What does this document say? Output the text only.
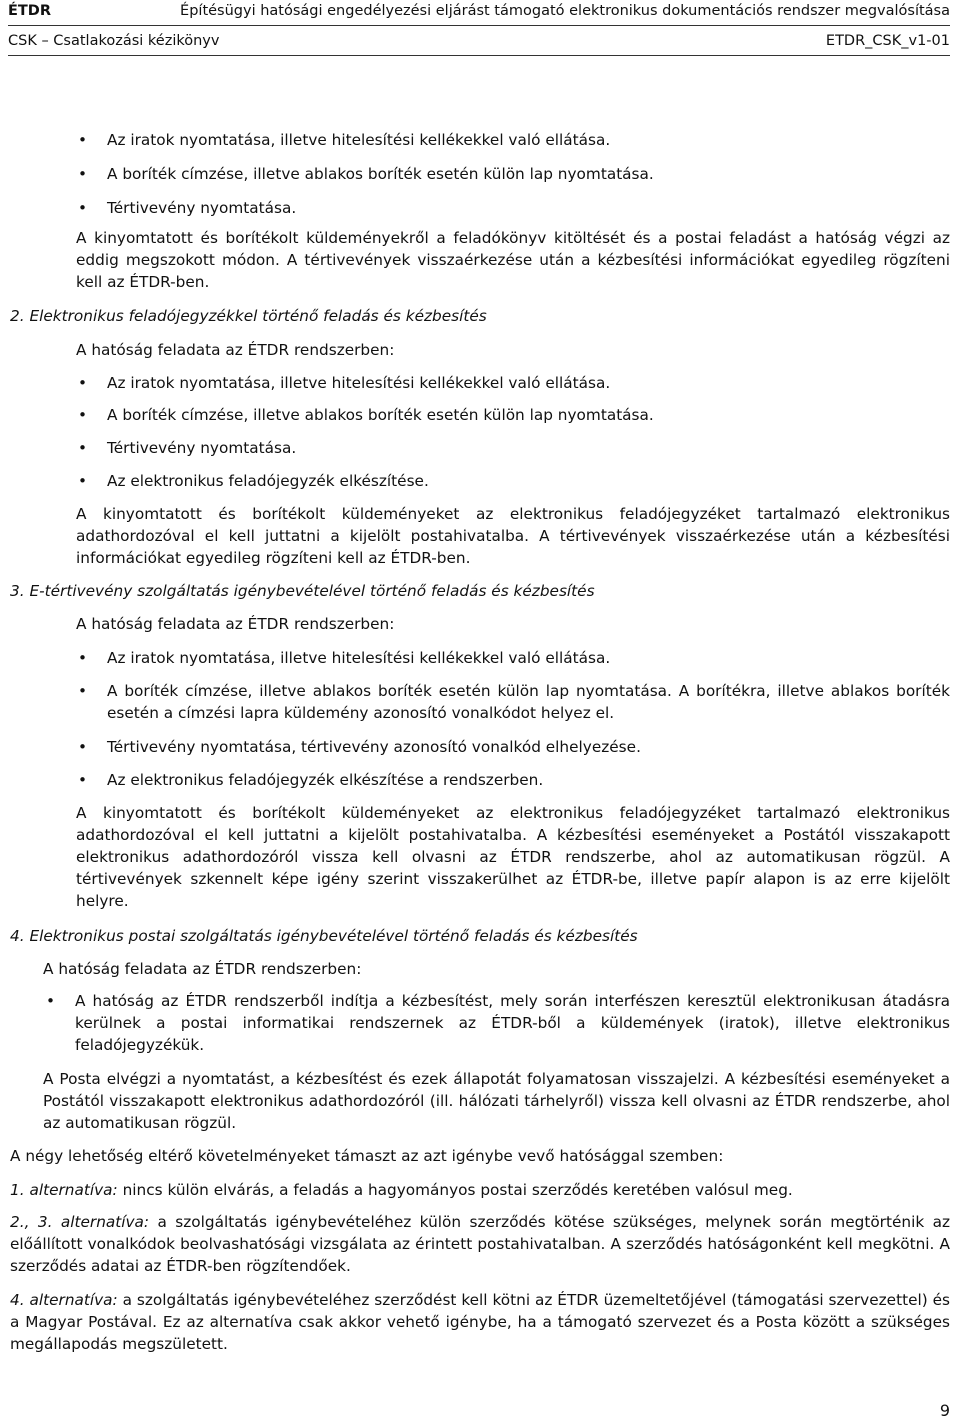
ÉTDR	Építésügyi hatósági engedélyezési eljárást támogató elektronikus dokumentációs rendszer megvalósítása
CSK – Csatlakozási kézikönyv	ETDR_CSK_v1-01
• Az iratok nyomtatása, illetve hitelesítési kellékekkel való ellátása.
• A boríték címzése, illetve ablakos boríték esetén külön lap nyomtatása.
• Tértivevény nyomtatása.
A kinyomtatott és borítékolt küldeményekről a feladókönyv kitöltését és a postai feladást a hatóság végzi az eddig megszokott módon. A tértivevények visszaérkezése után a kézbesítési információkat egyedileg rögzíteni kell az ÉTDR-ben.
2. Elektronikus feladójegyzékkel történő feladás és kézbesítés
A hatóság feladata az ÉTDR rendszerben:
• Az iratok nyomtatása, illetve hitelesítési kellékekkel való ellátása.
• A boríték címzése, illetve ablakos boríték esetén külön lap nyomtatása.
• Tértivevény nyomtatása.
• Az elektronikus feladójegyzék elkészítése.
A kinyomtatott és borítékolt küldeményeket az elektronikus feladójegyzéket tartalmazó elektronikus adathordozóval el kell juttatni a kijelölt postahivatalba. A tértivevények visszaérkezése után a kézbesítési információkat egyedileg rögzíteni kell az ÉTDR-ben.
3. E-tértivevény szolgáltatás igénybevételével történő feladás és kézbesítés
A hatóság feladata az ÉTDR rendszerben:
• Az iratok nyomtatása, illetve hitelesítési kellékekkel való ellátása.
• A boríték címzése, illetve ablakos boríték esetén külön lap nyomtatása. A borítékra, illetve ablakos boríték esetén a címzési lapra küldemény azonosító vonalkódot helyez el.
• Tértivevény nyomtatása, tértivevény azonosító vonalkód elhelyezése.
• Az elektronikus feladójegyzék elkészítése a rendszerben.
A kinyomtatott és borítékolt küldeményeket az elektronikus feladójegyzéket tartalmazó elektronikus adathordozóval el kell juttatni a kijelölt postahivatalba. A kézbesítési eseményeket a Postától visszakapott elektronikus adathordozóról vissza kell olvasni az ÉTDR rendszerbe, ahol az automatikusan rögzül. A tértivevények szkennelt képe igény szerint visszakerülhet az ÉTDR-be, illetve papír alapon is az erre kijelölt helyre.
4. Elektronikus postai szolgáltatás igénybevételével történő feladás és kézbesítés
A hatóság feladata az ÉTDR rendszerben:
• A hatóság az ÉTDR rendszerből indítja a kézbesítést, mely során interfészen keresztül elektronikusan átadásra kerülnek a postai informatikai rendszernek az ÉTDR-ből a küldemények (iratok), illetve elektronikus feladójegyzékük.
A Posta elvégzi a nyomtatást, a kézbesítést és ezek állapotát folyamatosan visszajelzi. A kézbesítési eseményeket a Postától visszakapott elektronikus adathordozóról (ill. hálózati tárhelyről) vissza kell olvasni az ÉTDR rendszerbe, ahol az automatikusan rögzül.
A négy lehetőség eltérő követelményeket támaszt az azt igénybe vevő hatósággal szemben:
1. alternatíva: nincs külön elvárás, a feladás a hagyományos postai szerződés keretében valósul meg.
2., 3. alternatíva: a szolgáltatás igénybevételéhez külön szerződés kötése szükséges, melynek során megtörténik az előállított vonalkódok beolvashatósági vizsgálata az érintett postahivatalban. A szerződés hatóságonként kell megkötni. A szerződés adatai az ÉTDR-ben rögzítendőek.
4. alternatíva: a szolgáltatás igénybevételéhez szerződést kell kötni az ÉTDR üzemeltetőjével (támogatási szervezettel) és a Magyar Postával. Ez az alternatíva csak akkor vehető igénybe, ha a támogató szervezet és a Posta között a szükséges megállapodás megszületett.
9
